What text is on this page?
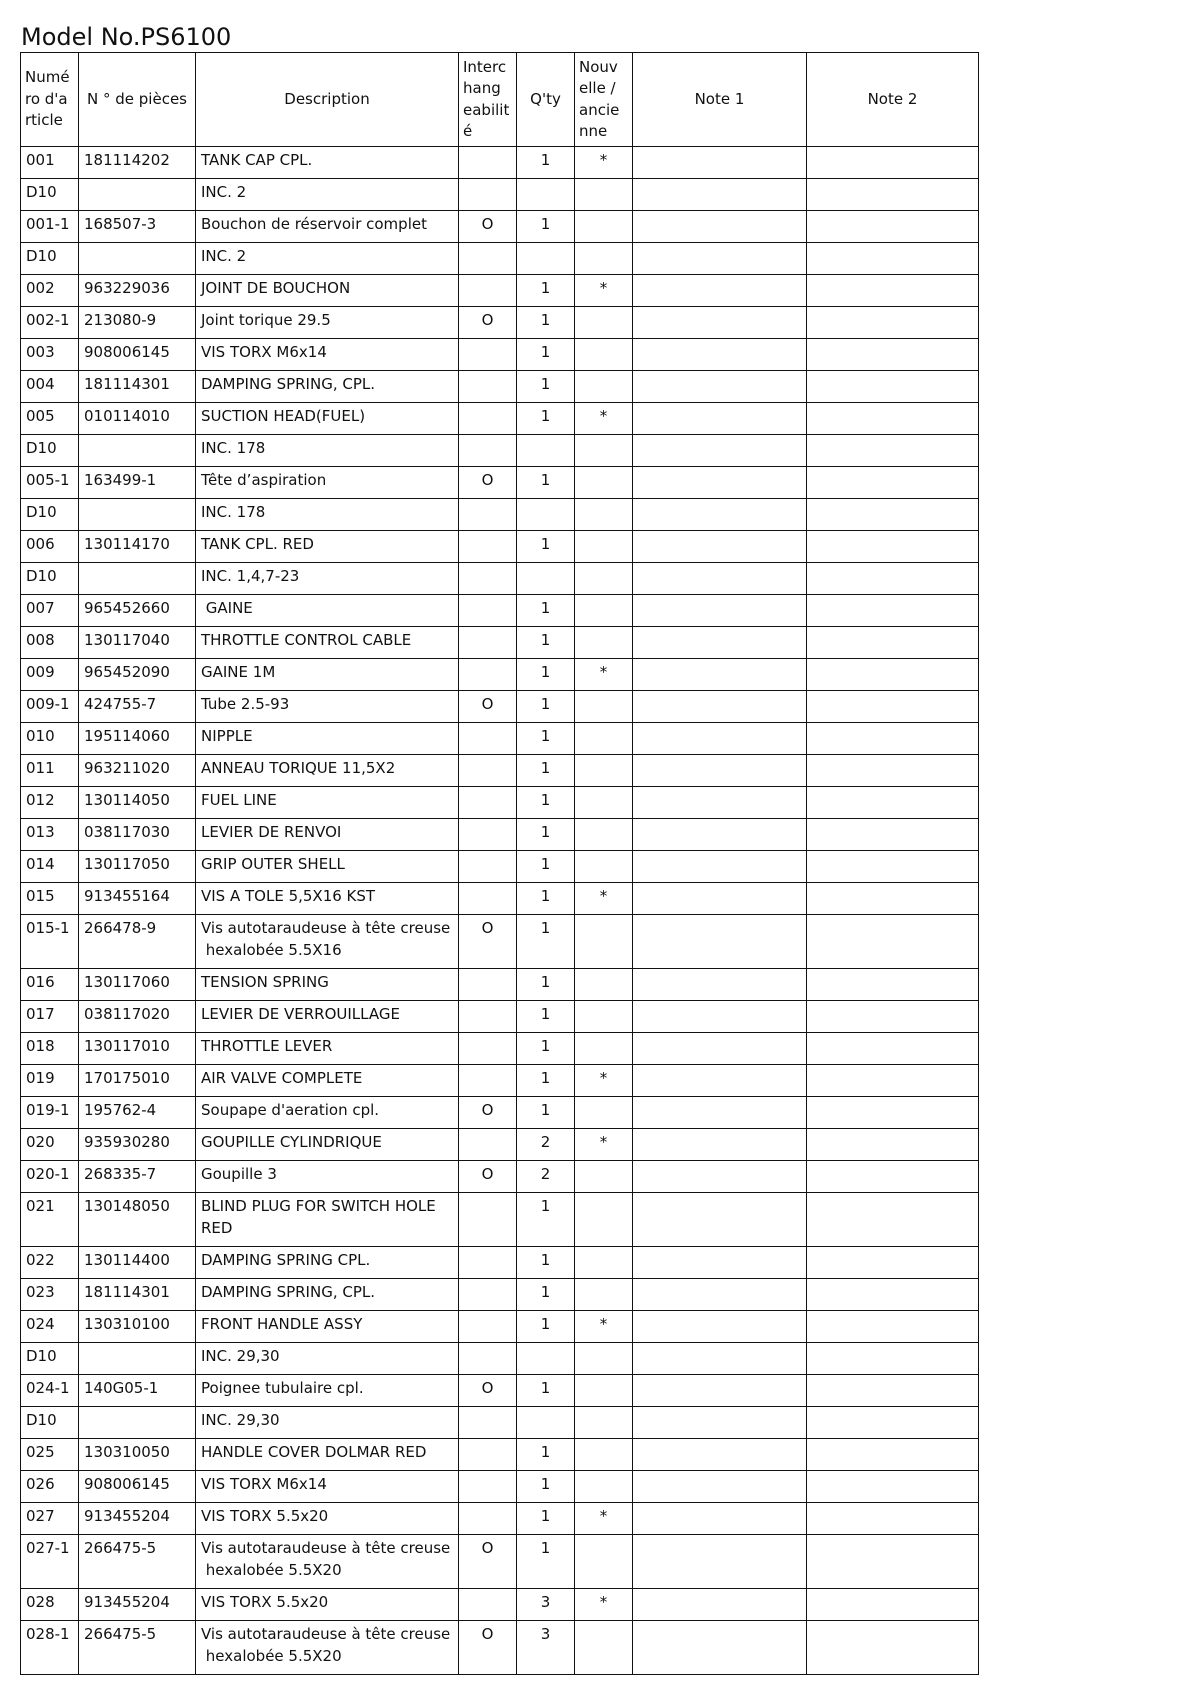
Model No.PS6100
Numé
ro d'a
rticle	N ° de pièces	Description	Interc
hang
eabilit
é	Q'ty	Nouv
elle /
ancie
nne	Note 1	Note 2
001	181114202	TANK CAP CPL.		1	*		
D10		INC. 2					
001-1	168507-3	Bouchon de réservoir complet	O	1			
D10		INC. 2					
002	963229036	JOINT DE BOUCHON		1	*		
002-1	213080-9	Joint torique 29.5	O	1			
003	908006145	VIS TORX M6x14		1			
004	181114301	DAMPING SPRING, CPL.		1			
005	010114010	SUCTION HEAD(FUEL)		1	*		
D10		INC. 178					
005-1	163499-1	Tête d’aspiration	O	1			
D10		INC. 178					
006	130114170	TANK CPL. RED		1			
D10		INC. 1,4,7-23					
007	965452660	GAINE		1			
008	130117040	THROTTLE CONTROL CABLE		1			
009	965452090	GAINE 1M		1	*		
009-1	424755-7	Tube 2.5-93	O	1			
010	195114060	NIPPLE		1			
011	963211020	ANNEAU TORIQUE 11,5X2		1			
012	130114050	FUEL LINE		1			
013	038117030	LEVIER DE RENVOI		1			
014	130117050	GRIP OUTER SHELL		1			
015	913455164	VIS A TOLE 5,5X16 KST		1	*		
015-1	266478-9	Vis autotaraudeuse à tête creuse
hexalobée 5.5X16	O	1			
016	130117060	TENSION SPRING		1			
017	038117020	LEVIER DE VERROUILLAGE		1			
018	130117010	THROTTLE LEVER		1			
019	170175010	AIR VALVE COMPLETE		1	*		
019-1	195762-4	Soupape d'aeration cpl.	O	1			
020	935930280	GOUPILLE CYLINDRIQUE		2	*		
020-1	268335-7	Goupille 3	O	2			
021	130148050	BLIND PLUG FOR SWITCH HOLE
RED		1			
022	130114400	DAMPING SPRING CPL.		1			
023	181114301	DAMPING SPRING, CPL.		1			
024	130310100	FRONT HANDLE ASSY		1	*		
D10		INC. 29,30					
024-1	140G05-1	Poignee tubulaire cpl.	O	1			
D10		INC. 29,30					
025	130310050	HANDLE COVER DOLMAR RED		1			
026	908006145	VIS TORX M6x14		1			
027	913455204	VIS TORX 5.5x20		1	*		
027-1	266475-5	Vis autotaraudeuse à tête creuse
hexalobée 5.5X20	O	1			
028	913455204	VIS TORX 5.5x20		3	*		
028-1	266475-5	Vis autotaraudeuse à tête creuse
hexalobée 5.5X20	O	3			
